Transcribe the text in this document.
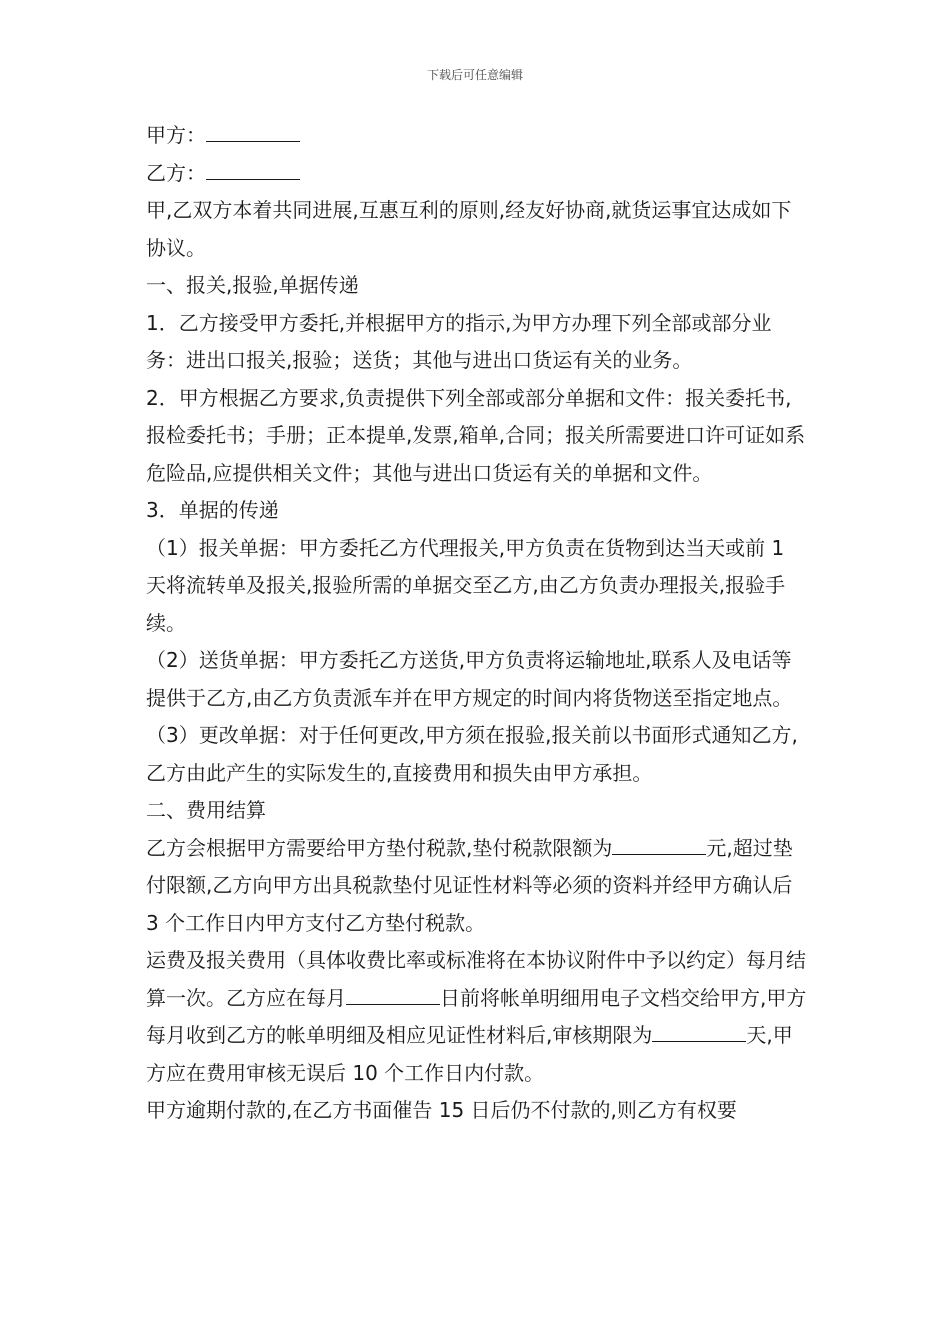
下载后可任意编辑

甲方：

乙方：

甲,乙双方本着共同进展,互惠互利的原则,经友好协商,就货运事宜达成如下协议。

一、报关,报验,单据传递

1．乙方接受甲方委托,并根据甲方的指示,为甲方办理下列全部或部分业务：进出口报关,报验；送货；其他与进出口货运有关的业务。

2．甲方根据乙方要求,负责提供下列全部或部分单据和文件：报关委托书,报检委托书；手册；正本提单,发票,箱单,合同；报关所需要进口许可证如系危险品,应提供相关文件；其他与进出口货运有关的单据和文件。

3．单据的传递

（1）报关单据：甲方委托乙方代理报关,甲方负责在货物到达当天或前 1 天将流转单及报关,报验所需的单据交至乙方,由乙方负责办理报关,报验手续。

（2）送货单据：甲方委托乙方送货,甲方负责将运输地址,联系人及电话等提供于乙方,由乙方负责派车并在甲方规定的时间内将货物送至指定地点。

（3）更改单据：对于任何更改,甲方须在报验,报关前以书面形式通知乙方,乙方由此产生的实际发生的,直接费用和损失由甲方承担。

二、费用结算

乙方会根据甲方需要给甲方垫付税款,垫付税款限额为	元,超过垫付限额,乙方向甲方出具税款垫付见证性材料等必须的资料并经甲方确认后 3 个工作日内甲方支付乙方垫付税款。

运费及报关费用（具体收费比率或标准将在本协议附件中予以约定）每月结算一次。乙方应在每月	日前将帐单明细用电子文档交给甲方,甲方每月收到乙方的帐单明细及相应见证性材料后,审核期限为	天,甲方应在费用审核无误后 10 个工作日内付款。

甲方逾期付款的,在乙方书面催告 15 日后仍不付款的,则乙方有权要
